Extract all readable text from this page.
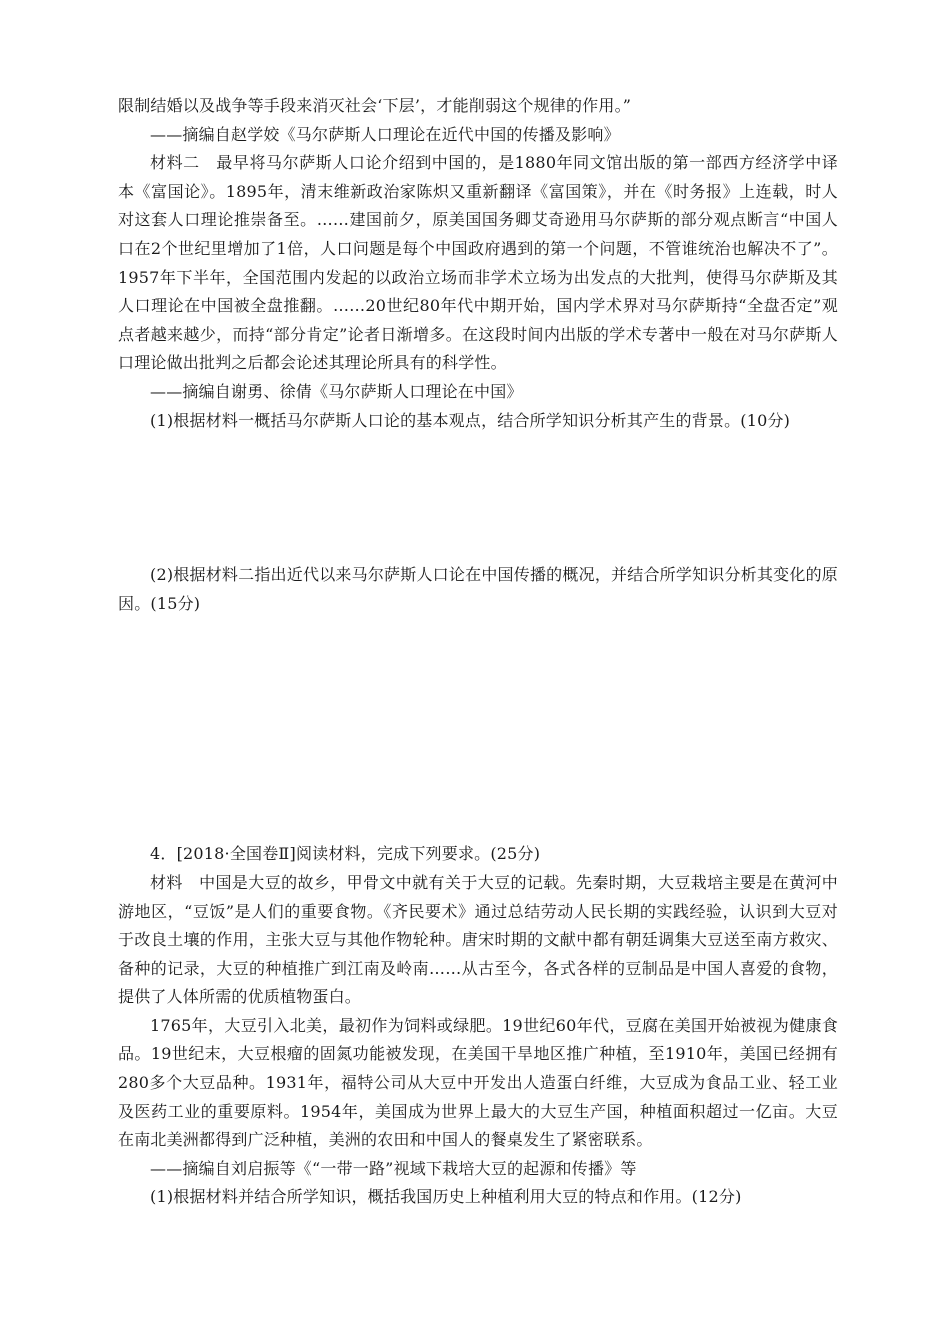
限制结婚以及战争等手段来消灭社会‘下层’，才能削弱这个规律的作用。”

——摘编自赵学姣《马尔萨斯人口理论在近代中国的传播及影响》

材料二　最早将马尔萨斯人口论介绍到中国的，是1880年同文馆出版的第一部西方经济学中译本《富国论》。1895年，清末维新政治家陈炽又重新翻译《富国策》，并在《时务报》上连载，时人对这套人口理论推崇备至。……建国前夕，原美国国务卿艾奇逊用马尔萨斯的部分观点断言“中国人口在2个世纪里增加了1倍，人口问题是每个中国政府遇到的第一个问题，不管谁统治也解决不了”。1957年下半年，全国范围内发起的以政治立场而非学术立场为出发点的大批判，使得马尔萨斯及其人口理论在中国被全盘推翻。……20世纪80年代中期开始，国内学术界对马尔萨斯持“全盘否定”观点者越来越少，而持“部分肯定”论者日渐增多。在这段时间内出版的学术专著中一般在对马尔萨斯人口理论做出批判之后都会论述其理论所具有的科学性。

——摘编自谢勇、徐倩《马尔萨斯人口理论在中国》

(1)根据材料一概括马尔萨斯人口论的基本观点，结合所学知识分析其产生的背景。(10分)

(2)根据材料二指出近代以来马尔萨斯人口论在中国传播的概况，并结合所学知识分析其变化的原因。(15分)

4．[2018·全国卷Ⅱ]阅读材料，完成下列要求。(25分)

材料　中国是大豆的故乡，甲骨文中就有关于大豆的记载。先秦时期，大豆栽培主要是在黄河中游地区，“豆饭”是人们的重要食物。《齐民要术》通过总结劳动人民长期的实践经验，认识到大豆对于改良土壤的作用，主张大豆与其他作物轮种。唐宋时期的文献中都有朝廷调集大豆送至南方救灾、备种的记录，大豆的种植推广到江南及岭南……从古至今，各式各样的豆制品是中国人喜爱的食物，提供了人体所需的优质植物蛋白。

1765年，大豆引入北美，最初作为饲料或绿肥。19世纪60年代，豆腐在美国开始被视为健康食品。19世纪末，大豆根瘤的固氮功能被发现，在美国干旱地区推广种植，至1910年，美国已经拥有280多个大豆品种。1931年，福特公司从大豆中开发出人造蛋白纤维，大豆成为食品工业、轻工业及医药工业的重要原料。1954年，美国成为世界上最大的大豆生产国，种植面积超过一亿亩。大豆在南北美洲都得到广泛种植，美洲的农田和中国人的餐桌发生了紧密联系。

——摘编自刘启振等《“一带一路”视域下栽培大豆的起源和传播》等

(1)根据材料并结合所学知识，概括我国历史上种植利用大豆的特点和作用。(12分)
